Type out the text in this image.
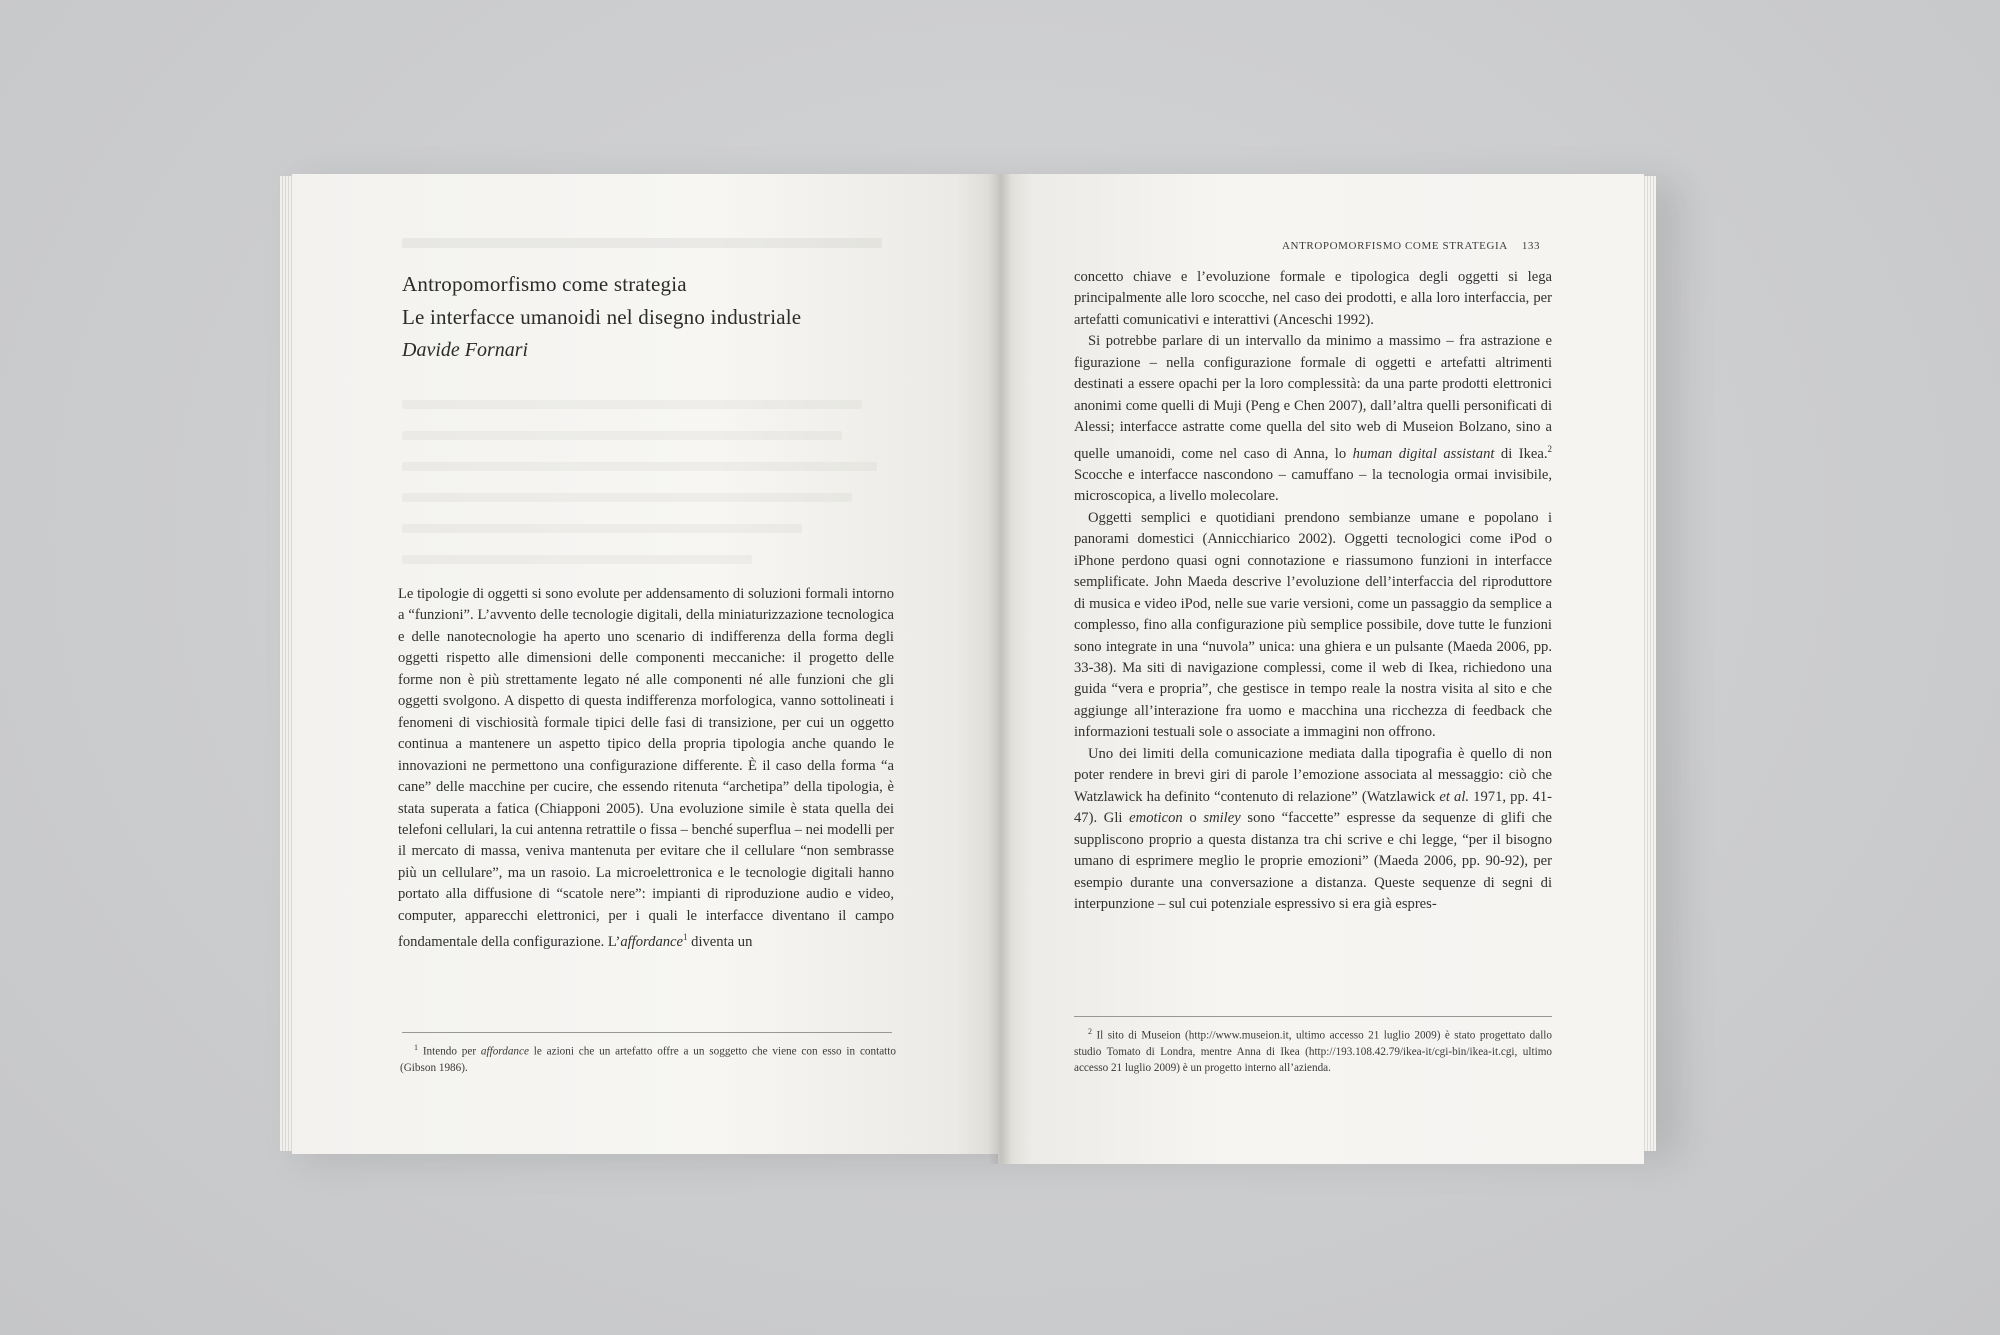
Antropomorfismo come strategia
Le interfacce umanoidi nel disegno industriale
Davide Fornari

Le tipologie di oggetti si sono evolute per addensamento di soluzioni formali intorno a “funzioni”. L’avvento delle tecnologie digitali, della miniaturizzazione tecnologica e delle nanotecnologie ha aperto uno scenario di indifferenza della forma degli oggetti rispetto alle dimensioni delle componenti meccaniche: il progetto delle forme non è più strettamente legato né alle componenti né alle funzioni che gli oggetti svolgono. A dispetto di questa indifferenza morfologica, vanno sottolineati i fenomeni di vischiosità formale tipici delle fasi di transizione, per cui un oggetto continua a mantenere un aspetto tipico della propria tipologia anche quando le innovazioni ne permettono una configurazione differente. È il caso della forma “a cane” delle macchine per cucire, che essendo ritenuta “archetipa” della tipologia, è stata superata a fatica (Chiapponi 2005). Una evoluzione simile è stata quella dei telefoni cellulari, la cui antenna retrattile o fissa – benché superflua – nei modelli per il mercato di massa, veniva mantenuta per evitare che il cellulare “non sembrasse più un cellulare”, ma un rasoio. La microelettronica e le tecnologie digitali hanno portato alla diffusione di “scatole nere”: impianti di riproduzione audio e video, computer, apparecchi elettronici, per i quali le interfacce diventano il campo fondamentale della configurazione. L’affordance$^1$ diventa un

$^1$ Intendo per affordance le azioni che un artefatto offre a un soggetto che viene con esso in contatto (Gibson 1986).

ANTROPOMORFISMO COME STRATEGIA 133

concetto chiave e l’evoluzione formale e tipologica degli oggetti si lega principalmente alle loro scocche, nel caso dei prodotti, e alla loro interfaccia, per artefatti comunicativi e interattivi (Anceschi 1992).

Si potrebbe parlare di un intervallo da minimo a massimo – fra astrazione e figurazione – nella configurazione formale di oggetti e artefatti altrimenti destinati a essere opachi per la loro complessità: da una parte prodotti elettronici anonimi come quelli di Muji (Peng e Chen 2007), dall’altra quelli personificati di Alessi; interfacce astratte come quella del sito web di Museion Bolzano, sino a quelle umanoidi, come nel caso di Anna, lo human digital assistant di Ikea.$^2$ Scocche e interfacce nascondono – camuffano – la tecnologia ormai invisibile, microscopica, a livello molecolare.

Oggetti semplici e quotidiani prendono sembianze umane e popolano i panorami domestici (Annicchiarico 2002). Oggetti tecnologici come iPod o iPhone perdono quasi ogni connotazione e riassumono funzioni in interfacce semplificate. John Maeda descrive l’evoluzione dell’interfaccia del riproduttore di musica e video iPod, nelle sue varie versioni, come un passaggio da semplice a complesso, fino alla configurazione più semplice possibile, dove tutte le funzioni sono integrate in una “nuvola” unica: una ghiera e un pulsante (Maeda 2006, pp. 33-38). Ma siti di navigazione complessi, come il web di Ikea, richiedono una guida “vera e propria”, che gestisce in tempo reale la nostra visita al sito e che aggiunge all’interazione fra uomo e macchina una ricchezza di feedback che informazioni testuali sole o associate a immagini non offrono.

Uno dei limiti della comunicazione mediata dalla tipografia è quello di non poter rendere in brevi giri di parole l’emozione associata al messaggio: ciò che Watzlawick ha definito “contenuto di relazione” (Watzlawick et al. 1971, pp. 41-47). Gli emoticon o smiley sono “faccette” espresse da sequenze di glifi che suppliscono proprio a questa distanza tra chi scrive e chi legge, “per il bisogno umano di esprimere meglio le proprie emozioni” (Maeda 2006, pp. 90-92), per esempio durante una conversazione a distanza. Queste sequenze di segni di interpunzione – sul cui potenziale espressivo si era già espres-

$^2$ Il sito di Museion (http://www.museion.it, ultimo accesso 21 luglio 2009) è stato progettato dallo studio Tomato di Londra, mentre Anna di Ikea (http://193.108.42.79/ikea-it/cgi-bin/ikea-it.cgi, ultimo accesso 21 luglio 2009) è un progetto interno all’azienda.
